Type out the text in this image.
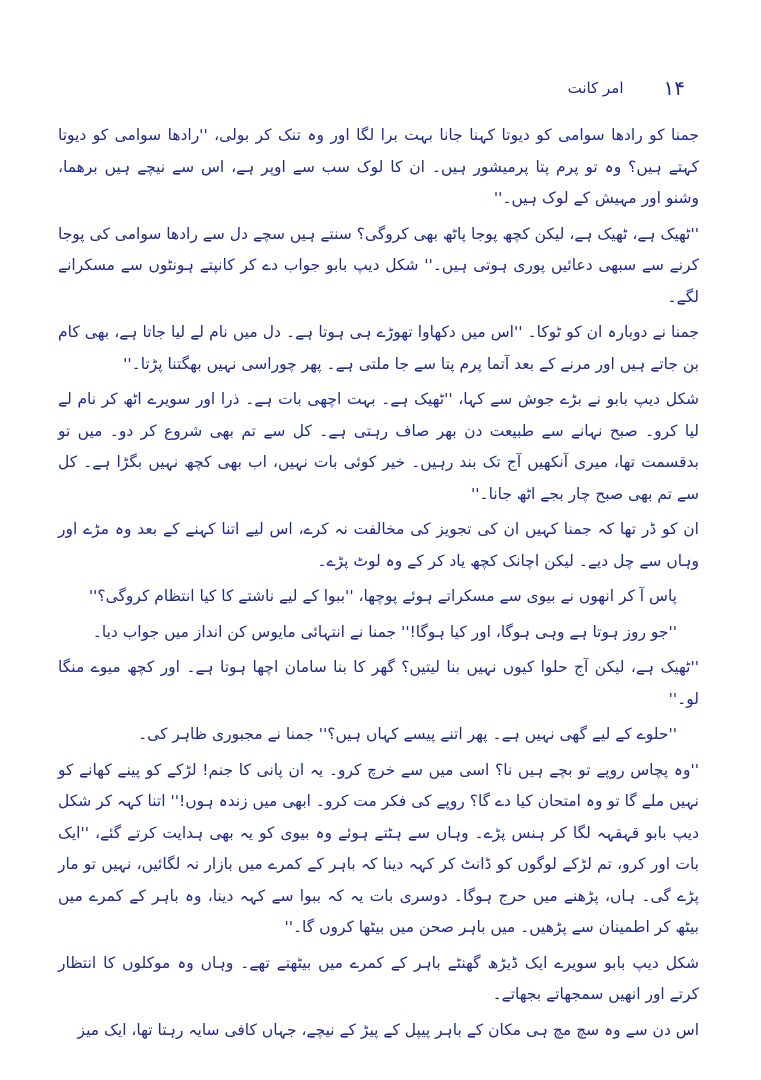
۱۴
امر کانت

جمنا کو رادھا سوامی کو دیوتا کہنا جانا بہت برا لگا اور وہ تنک کر بولی، ''رادھا سوامی کو دیوتا کہتے ہیں؟ وہ تو پرم پتا پرمیشور ہیں۔ ان کا لوک سب سے اوپر ہے، اس سے نیچے ہیں برھما، وشنو اور مہیش کے لوک ہیں۔''

''ٹھیک ہے، ٹھیک ہے، لیکن کچھ پوجا پاٹھ بھی کروگی؟ سنتے ہیں سچے دل سے رادھا سوامی کی پوجا کرنے سے سبھی دعائیں پوری ہوتی ہیں۔'' شکل دیپ بابو جواب دے کر کانپتے ہونٹوں سے مسکرانے لگے۔

جمنا نے دوبارہ ان کو ٹوکا۔ ''اس میں دکھاوا تھوڑے ہی ہوتا ہے۔ دل میں نام لے لیا جاتا ہے، بھی کام بن جاتے ہیں اور مرنے کے بعد آتما پرم پتا سے جا ملتی ہے۔ پھر چوراسی نہیں بھگتنا پڑتا۔''

شکل دیپ بابو نے بڑے جوش سے کہا، ''ٹھیک ہے۔ بہت اچھی بات ہے۔ ذرا اور سویرے اٹھ کر نام لے لیا کرو۔ صبح نہانے سے طبیعت دن بھر صاف رہتی ہے۔ کل سے تم بھی شروع کر دو۔ میں تو بدقسمت تھا، میری آنکھیں آج تک بند رہیں۔ خیر کوئی بات نہیں، اب بھی کچھ نہیں بگڑا ہے۔ کل سے تم بھی صبح چار بجے اٹھ جانا۔''

ان کو ڈر تھا کہ جمنا کہیں ان کی تجویز کی مخالفت نہ کرے، اس لیے اتنا کہنے کے بعد وہ مڑے اور وہاں سے چل دیے۔ لیکن اچانک کچھ یاد کر کے وہ لوٹ پڑے۔

پاس آ کر انھوں نے بیوی سے مسکراتے ہوئے پوچھا، ''ببوا کے لیے ناشتے کا کیا انتظام کروگی؟''

''جو روز ہوتا ہے وہی ہوگا، اور کیا ہوگا!'' جمنا نے انتہائی مایوس کن انداز میں جواب دیا۔

''ٹھیک ہے، لیکن آج حلوا کیوں نہیں بنا لیتیں؟ گھر کا بنا سامان اچھا ہوتا ہے۔ اور کچھ میوے منگا لو۔''

''حلوے کے لیے گھی نہیں ہے۔ پھر اتنے پیسے کہاں ہیں؟'' جمنا نے مجبوری ظاہر کی۔

''وہ پچاس روپے تو بچے ہیں نا؟ اسی میں سے خرچ کرو۔ یہ ان پانی کا جنم! لڑکے کو پینے کھانے کو نہیں ملے گا تو وہ امتحان کیا دے گا؟ روپے کی فکر مت کرو۔ ابھی میں زندہ ہوں!'' اتنا کہہ کر شکل دیپ بابو قہقہہ لگا کر ہنس پڑے۔ وہاں سے ہٹتے ہوئے وہ بیوی کو یہ بھی ہدایت کرتے گئے، ''ایک بات اور کرو، تم لڑکے لوگوں کو ڈانٹ کر کہہ دینا کہ باہر کے کمرے میں بازار نہ لگائیں، نہیں تو مار پڑے گی۔ ہاں، پڑھنے میں حرج ہوگا۔ دوسری بات یہ کہ ببوا سے کہہ دینا، وہ باہر کے کمرے میں بیٹھ کر اطمینان سے پڑھیں۔ میں باہر صحن میں بیٹھا کروں گا۔''

شکل دیپ بابو سویرے ایک ڈیڑھ گھنٹے باہر کے کمرے میں بیٹھتے تھے۔ وہاں وہ موکلوں کا انتظار کرتے اور انھیں سمجھاتے بجھاتے۔

اس دن سے وہ سچ مچ ہی مکان کے باہر پیپل کے پیڑ کے نیچے، جہاں کافی سایہ رہتا تھا، ایک میز
